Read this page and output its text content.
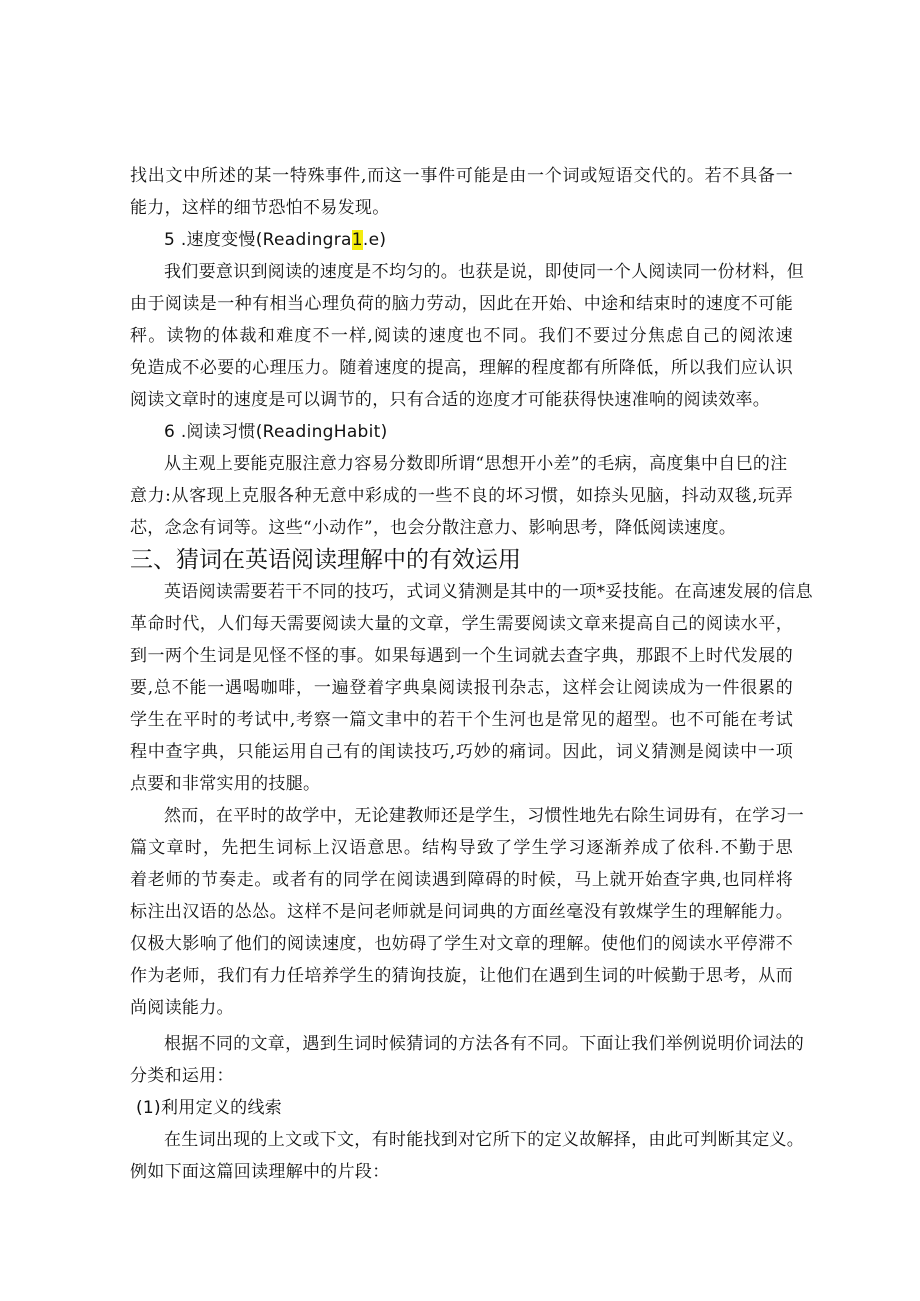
找出文中所述的某一特殊事件,而这一事件可能是由一个词或短语交代的。若不具备一
能力，这样的细节恐怕不易发现。
5 .速度变慢(Readingra1.e)
我们要意识到阅读的速度是不均匀的。也获是说，即使同一个人阅读同一份材料，但
由于阅读是一种有相当心理负荷的脑力劳动，因此在开始、中途和结束时的速度不可能
秤。读物的体裁和难度不一样,阅读的速度也不同。我们不要过分焦虑自己的阅浓速
免造成不必要的心理压力。随着速度的提高，理解的程度都有所降低，所以我们应认识
阅读文章时的速度是可以调节的，只有合适的迩度才可能获得快速准响的阅读效率。
6 .阅读习惯(ReadingHabit)
从主观上要能克服注意力容易分数即所谓“思想开小差”的毛病，高度集中自巳的注
意力:从客现上克服各种无意中彩成的一些不良的坏习惯，如捺头见脑，抖动双毯,玩弄
芯，念念有词等。这些“小动作”，也会分散注意力、影响思考，降低阅读速度。
三、猜词在英语阅读理解中的有效运用
英语阅读需要若干不同的技巧，式词义猜测是其中的一项*妥技能。在高速发展的信息
革命时代，人们每天需要阅读大量的文章，学生需要阅读文章来提高自己的阅读水平，
到一两个生词是见怪不怪的事。如果每遇到一个生词就去查字典，那跟不上时代发展的
要,总不能一遇喝咖啡，一遍登着字典臬阅读报刊杂志，这样会让阅读成为一件很累的
学生在平时的考试中,考察一篇文聿中的若干个生河也是常见的超型。也不可能在考试
程中查字典，只能运用自己有的闺读技巧,巧妙的痛词。因此，词义猜测是阅读中一项
点要和非常实用的技腿。
然而，在平时的故学中，无论建教师还是学生，习惯性地先右除生词毋有，在学习一
篇文章时，先把生词标上汉语意思。结构导致了学生学习逐渐养成了依科.不勤于思
着老师的节奏走。或者有的同学在阅读遇到障碍的时候，马上就开始查字典,也同样将
标注出汉语的怂怂。这样不是问老师就是问词典的方面丝毫没有敦煤学生的理解能力。
仅极大影响了他们的阅读速度，也妨碍了学生对文章的理解。使他们的阅读水平停滞不
作为老师，我们有力任培养学生的猜询技旋，让他们在遇到生词的叶候勤于思考，从而
尚阅读能力。
根据不同的文章，遇到生词时候猜词的方法各有不同。下面让我们举例说明价词法的
分类和运用：
(1)利用定义的线索
在生词出现的上文或下文，有时能找到对它所下的定义故解择，由此可判断其定义。
例如下面这篇回读理解中的片段：
